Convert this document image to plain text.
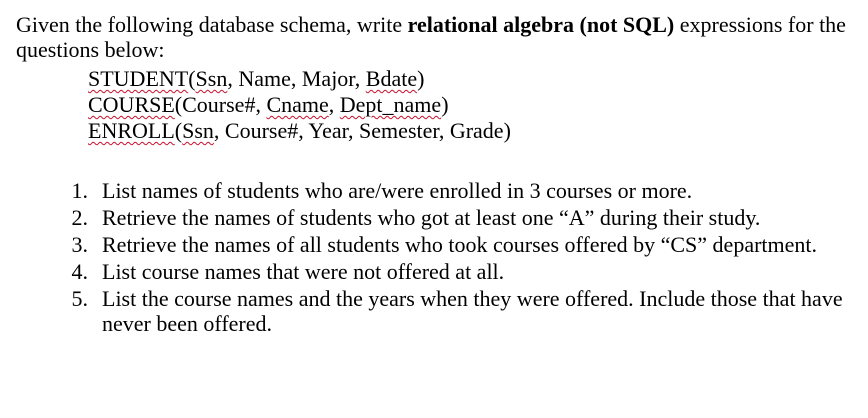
Given the following database schema, write relational algebra (not SQL) expressions for the questions below:
STUDENT(Ssn, Name, Major, Bdate)
COURSE(Course#, Cname, Dept_name)
ENROLL(Ssn, Course#, Year, Semester, Grade)
1. List names of students who are/were enrolled in 3 courses or more.
2. Retrieve the names of students who got at least one “A” during their study.
3. Retrieve the names of all students who took courses offered by “CS” department.
4. List course names that were not offered at all.
5. List the course names and the years when they were offered. Include those that have never been offered.
